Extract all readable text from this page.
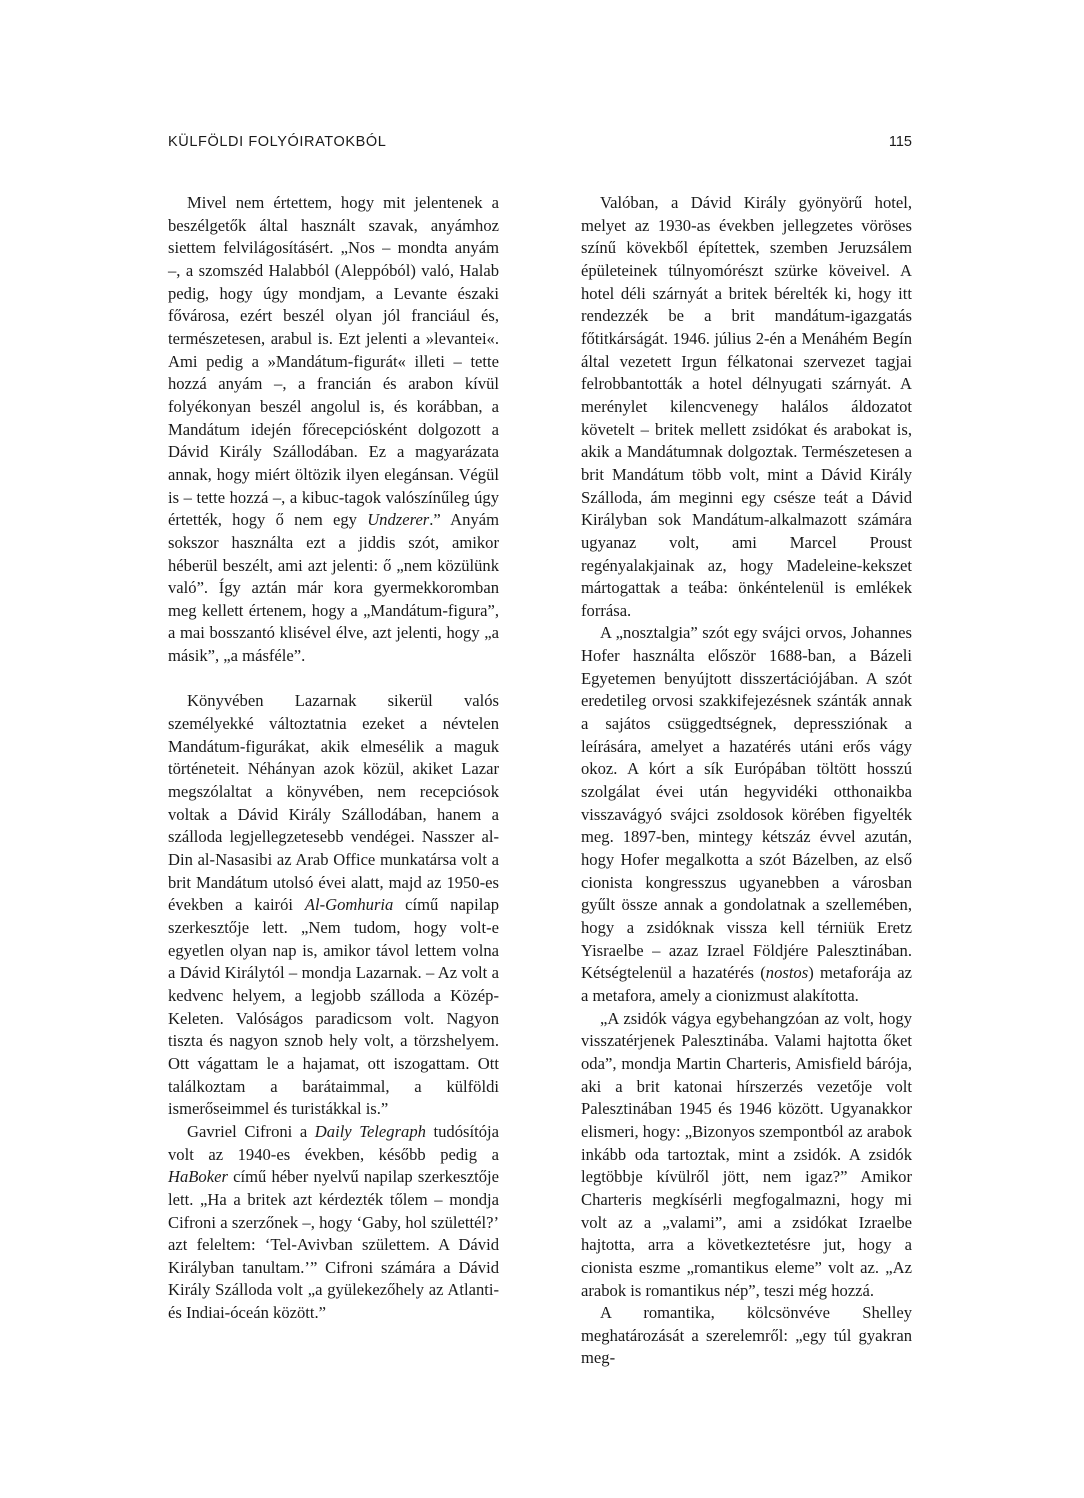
KÜLFÖLDI FOLYÓIRATOKBÓL	115

Mivel nem értettem, hogy mit jelentenek a beszélgetők által használt szavak, anyámhoz siettem felvilágosításért. „Nos – mondta anyám –, a szomszéd Halabból (Aleppóból) való, Halab pedig, hogy úgy mondjam, a Levante északi fővárosa, ezért beszél olyan jól franciául és, természetesen, arabul is. Ezt jelenti a »levantei«. Ami pedig a »Mandátum-figurát« illeti – tette hozzá anyám –, a francián és arabon kívül folyékonyan beszél angolul is, és korábban, a Mandátum idején főrecepciósként dolgozott a Dávid Király Szállodában. Ez a magyarázata annak, hogy miért öltözik ilyen elegánsan. Végül is – tette hozzá –, a kibuc-tagok valószínűleg úgy értették, hogy ő nem egy Undzerer.” Anyám sokszor használta ezt a jiddis szót, amikor héberül beszélt, ami azt jelenti: ő „nem közülünk való”. Így aztán már kora gyermekkoromban meg kellett értenem, hogy a „Mandátum-figura”, a mai bosszantó klisével élve, azt jelenti, hogy „a másik”, „a másféle”.

Könyvében Lazarnak sikerül valós személyekké változtatnia ezeket a névtelen Mandátum-figurákat, akik elmesélik a maguk történeteit. Néhányan azok közül, akiket Lazar megszólaltat a könyvében, nem recepciósok voltak a Dávid Király Szállodában, hanem a szálloda legjellegzetesebb vendégei. Nasszer al-Din al-Nasasibi az Arab Office munkatársa volt a brit Mandátum utolsó évei alatt, majd az 1950-es években a kairói Al-Gomhuria című napilap szerkesztője lett. „Nem tudom, hogy volt-e egyetlen olyan nap is, amikor távol lettem volna a Dávid Királytól – mondja Lazarnak. – Az volt a kedvenc helyem, a legjobb szálloda a Közép-Keleten. Valóságos paradicsom volt. Nagyon tiszta és nagyon sznob hely volt, a törzshelyem. Ott vágattam le a hajamat, ott iszogattam. Ott találkoztam a barátaimmal, a külföldi ismerőseimmel és turistákkal is.”

Gavriel Cifroni a Daily Telegraph tudósítója volt az 1940-es években, később pedig a HaBoker című héber nyelvű napilap szerkesztője lett. „Ha a britek azt kérdezték tőlem – mondja Cifroni a szerzőnek –, hogy ‘Gaby, hol születtél?’ azt feleltem: ‘Tel-Avivban születtem. A Dávid Királyban tanultam.’” Cifroni számára a Dávid Király Szálloda volt „a gyülekezőhely az Atlanti- és Indiai-óceán között.”

Valóban, a Dávid Király gyönyörű hotel, melyet az 1930-as években jellegzetes vöröses színű kövekből építettek, szemben Jeruzsálem épületeinek túlnyomórészt szürke köveivel. A hotel déli szárnyát a britek bérelték ki, hogy itt rendezzék be a brit mandátum-igazgatás főtitkárságát. 1946. július 2-én a Menáhém Begín által vezetett Irgun félkatonai szervezet tagjai felrobbantották a hotel délnyugati szárnyát. A merénylet kilencvenegy halálos áldozatot követelt – britek mellett zsidókat és arabokat is, akik a Mandátumnak dolgoztak. Természetesen a brit Mandátum több volt, mint a Dávid Király Szálloda, ám meginni egy csésze teát a Dávid Királyban sok Mandátum-alkalmazott számára ugyanaz volt, ami Marcel Proust regényalakjainak az, hogy Madeleine-kekszet mártogattak a teába: önkéntelenül is emlékek forrása.

A „nosztalgia” szót egy svájci orvos, Johannes Hofer használta először 1688-ban, a Bázeli Egyetemen benyújtott disszertációjában. A szót eredetileg orvosi szakkifejezésnek szánták annak a sajátos csüggedtségnek, depressziónak a leírására, amelyet a hazatérés utáni erős vágy okoz. A kórt a sík Európában töltött hosszú szolgálat évei után hegyvidéki otthonaikba visszavágyó svájci zsoldosok körében figyelték meg. 1897-ben, mintegy kétszáz évvel azután, hogy Hofer megalkotta a szót Bázelben, az első cionista kongresszus ugyanebben a városban gyűlt össze annak a gondolatnak a szellemében, hogy a zsidóknak vissza kell térniük Eretz Yisraelbe – azaz Izrael Földjére Palesztinában. Kétségtelenül a hazatérés (nostos) metaforája az a metafora, amely a cionizmust alakította.

„A zsidók vágya egybehangzóan az volt, hogy visszatérjenek Palesztinába. Valami hajtotta őket oda”, mondja Martin Charteris, Amisfield bárója, aki a brit katonai hírszerzés vezetője volt Palesztinában 1945 és 1946 között. Ugyanakkor elismeri, hogy: „Bizonyos szempontból az arabok inkább oda tartoztak, mint a zsidók. A zsidók legtöbbje kívülről jött, nem igaz?” Amikor Charteris megkísérli megfogalmazni, hogy mi volt az a „valami”, ami a zsidókat Izraelbe hajtotta, arra a következtetésre jut, hogy a cionista eszme „romantikus eleme” volt az. „Az arabok is romantikus nép”, teszi még hozzá.

A romantika, kölcsönvéve Shelley meghatározását a szerelemről: „egy túl gyakran meg-
